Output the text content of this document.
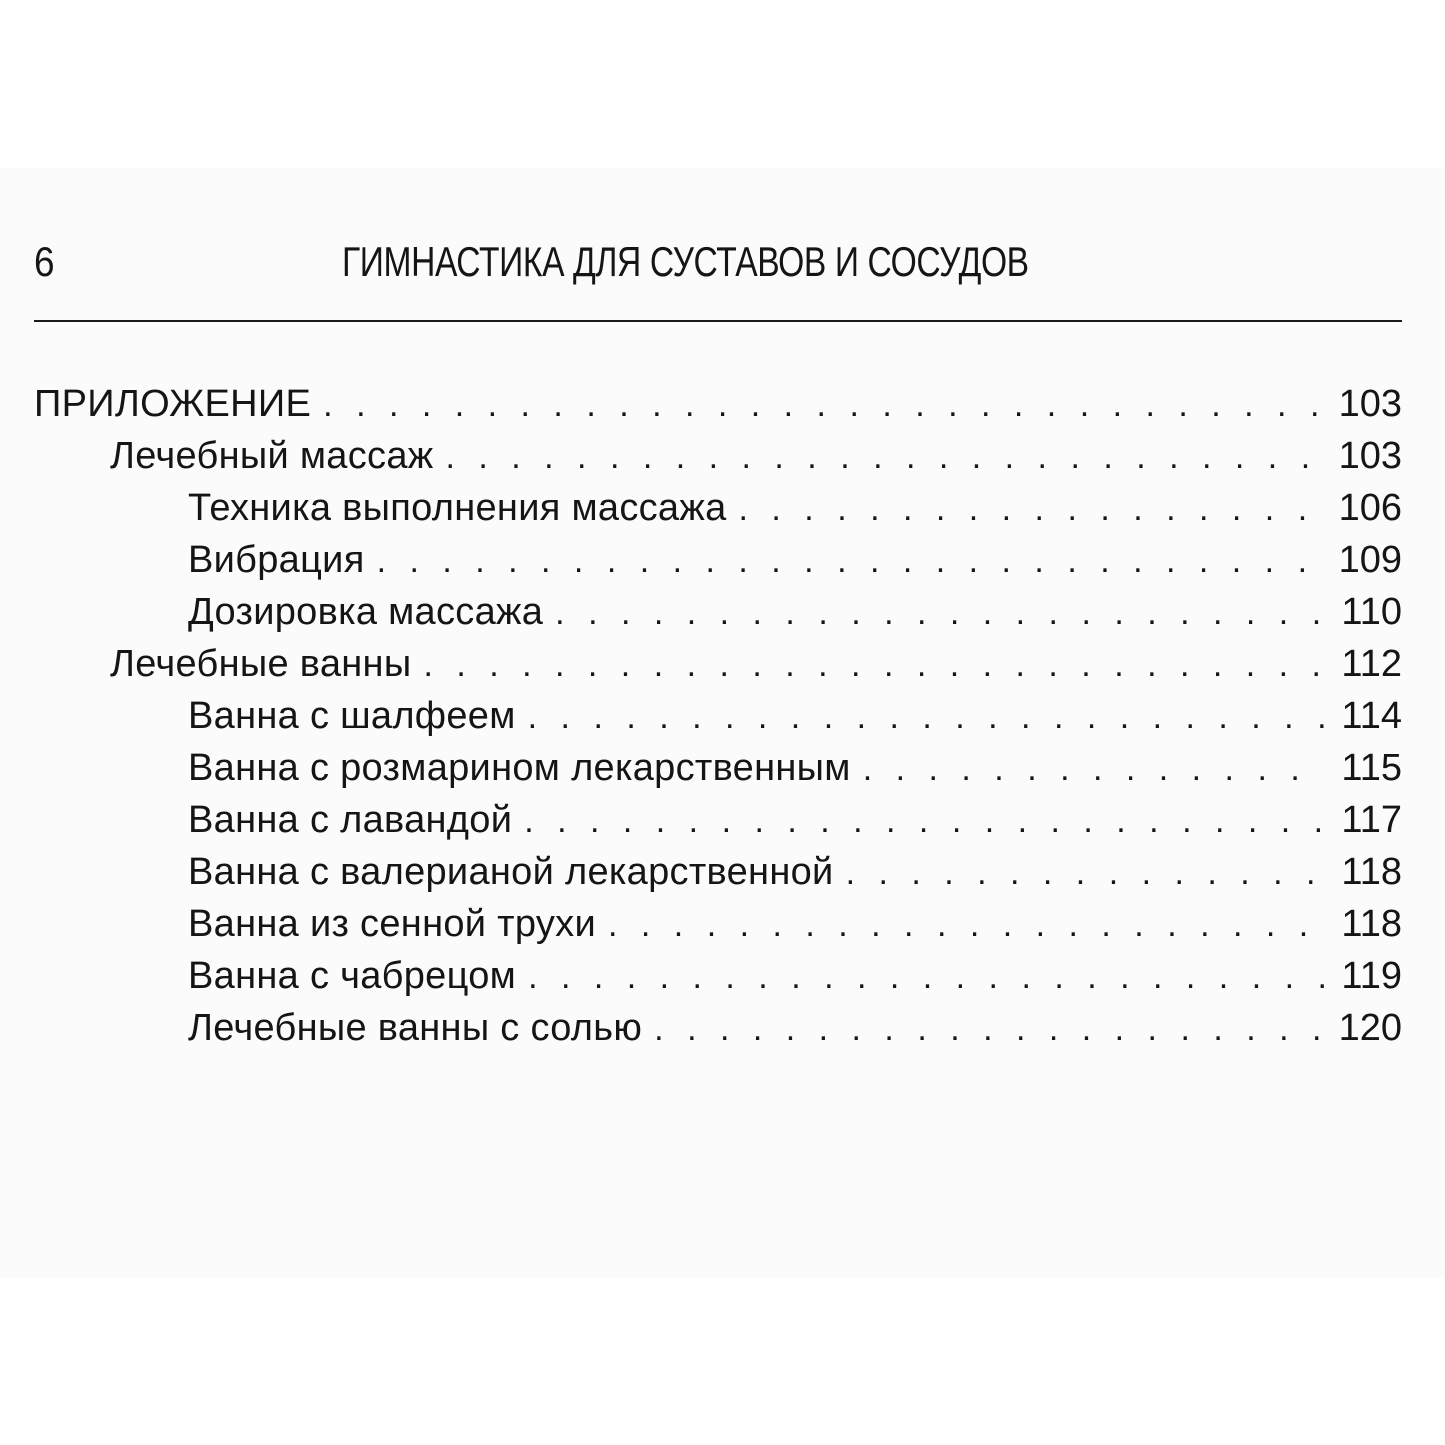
6	ГИМНАСТИКА ДЛЯ СУСТАВОВ И СОСУДОВ
ПРИЛОЖЕНИЕ . . .	103
Лечебный массаж . . .	103
Техника выполнения массажа . . .	106
Вибрация . . .	109
Дозировка массажа . . .	110
Лечебные ванны . . .	112
Ванна с шалфеем . . .	114
Ванна с розмарином лекарственным . . .	115
Ванна с лавандой . . .	117
Ванна с валерианой лекарственной . . .	118
Ванна из сенной трухи . . .	118
Ванна с чабрецом . . .	119
Лечебные ванны с солью . . .	120
